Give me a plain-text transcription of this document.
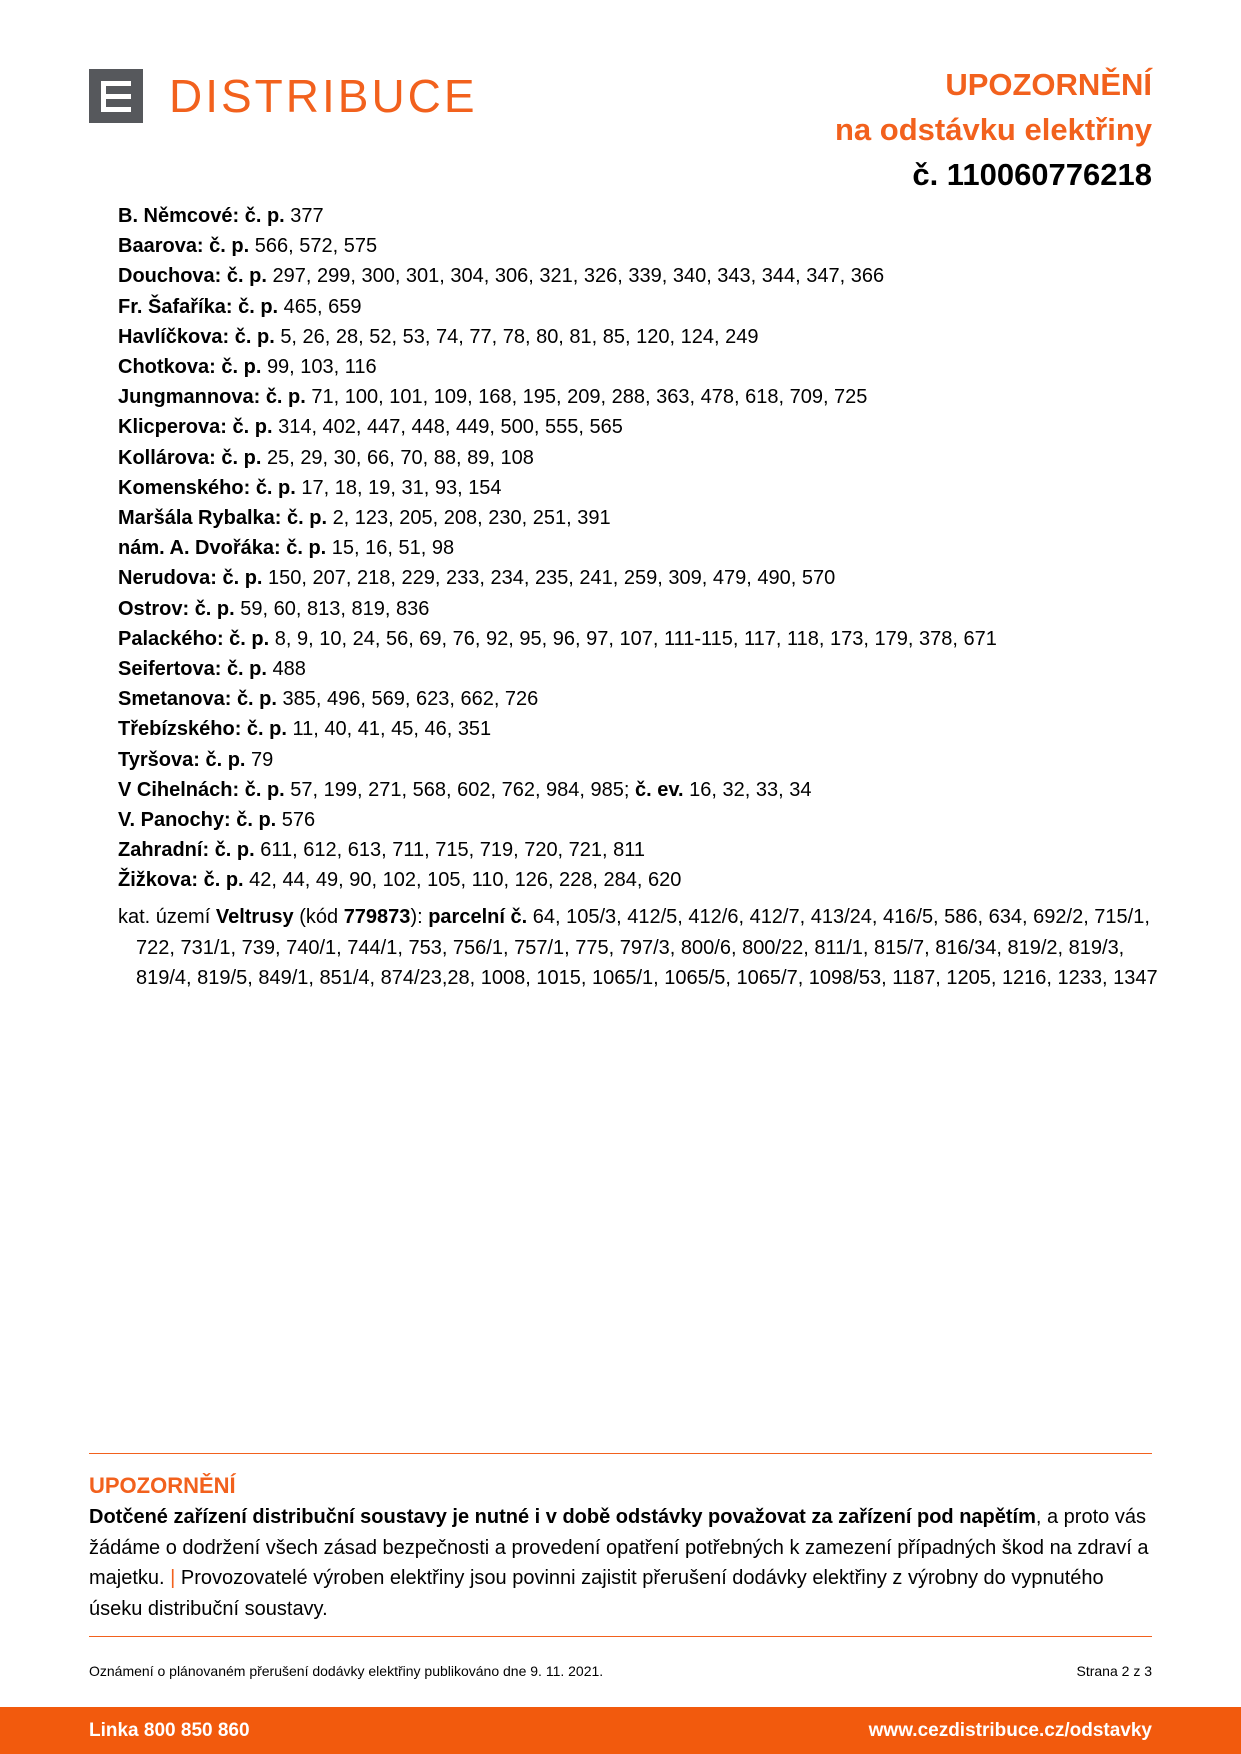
DISTRIBUCE	UPOZORNĚNÍ
na odstávku elektřiny
č. 110060776218
B. Němcové: č. p. 377
Baarova: č. p. 566, 572, 575
Douchova: č. p. 297, 299, 300, 301, 304, 306, 321, 326, 339, 340, 343, 344, 347, 366
Fr. Šafaříka: č. p. 465, 659
Havlíčkova: č. p. 5, 26, 28, 52, 53, 74, 77, 78, 80, 81, 85, 120, 124, 249
Chotkova: č. p. 99, 103, 116
Jungmannova: č. p. 71, 100, 101, 109, 168, 195, 209, 288, 363, 478, 618, 709, 725
Klicperova: č. p. 314, 402, 447, 448, 449, 500, 555, 565
Kollárova: č. p. 25, 29, 30, 66, 70, 88, 89, 108
Komenského: č. p. 17, 18, 19, 31, 93, 154
Maršála Rybalka: č. p. 2, 123, 205, 208, 230, 251, 391
nám. A. Dvořáka: č. p. 15, 16, 51, 98
Nerudova: č. p. 150, 207, 218, 229, 233, 234, 235, 241, 259, 309, 479, 490, 570
Ostrov: č. p. 59, 60, 813, 819, 836
Palackého: č. p. 8, 9, 10, 24, 56, 69, 76, 92, 95, 96, 97, 107, 111-115, 117, 118, 173, 179, 378, 671
Seifertova: č. p. 488
Smetanova: č. p. 385, 496, 569, 623, 662, 726
Třebízského: č. p. 11, 40, 41, 45, 46, 351
Tyršova: č. p. 79
V Cihelnách: č. p. 57, 199, 271, 568, 602, 762, 984, 985; č. ev. 16, 32, 33, 34
V. Panochy: č. p. 576
Zahradní: č. p. 611, 612, 613, 711, 715, 719, 720, 721, 811
Žižkova: č. p. 42, 44, 49, 90, 102, 105, 110, 126, 228, 284, 620
kat. území Veltrusy (kód 779873): parcelní č. 64, 105/3, 412/5, 412/6, 412/7, 413/24, 416/5, 586, 634, 692/2, 715/1, 722, 731/1, 739, 740/1, 744/1, 753, 756/1, 757/1, 775, 797/3, 800/6, 800/22, 811/1, 815/7, 816/34, 819/2, 819/3, 819/4, 819/5, 849/1, 851/4, 874/23,28, 1008, 1015, 1065/1, 1065/5, 1065/7, 1098/53, 1187, 1205, 1216, 1233, 1347
UPOZORNĚNÍ
Dotčené zařízení distribuční soustavy je nutné i v době odstávky považovat za zařízení pod napětím, a proto vás žádáme o dodržení všech zásad bezpečnosti a provedení opatření potřebných k zamezení případných škod na zdraví a majetku. | Provozovatelé výroben elektřiny jsou povinni zajistit přerušení dodávky elektřiny z výrobny do vypnutého úseku distribuční soustavy.
Oznámení o plánovaném přerušení dodávky elektřiny publikováno dne 9. 11. 2021.	Strana 2 z 3
Linka 800 850 860	www.cezdistribuce.cz/odstavky
